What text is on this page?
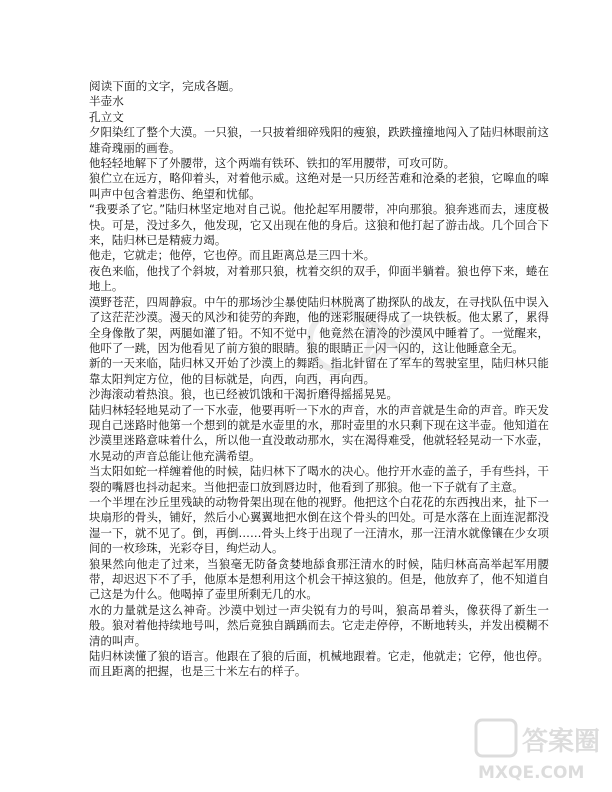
阅读下面的文字，完成各题。

半壶水

孔立文

夕阳染红了整个大漠。一只狼，一只披着细碎残阳的瘦狼，跌跌撞撞地闯入了陆归林眼前这雄奇瑰丽的画卷。

他轻轻地解下了外腰带，这个两端有铁环、铁扣的军用腰带，可攻可防。

狼伫立在远方，略仰着头，对着他示威。这绝对是一只历经苦难和沧桑的老狼，它嗥血的嗥叫声中包含着悲伤、绝望和忧郁。

“我要杀了它。”陆归林坚定地对自己说。他抡起军用腰带，冲向那狼。狼奔逃而去，速度极快。可是，没过多久，他发现，它又出现在他的身后。这狼和他打起了游击战。几个回合下来，陆归林已是精疲力竭。

他走，它就走；他停，它也停。而且距离总是三四十米。

夜色来临，他找了个斜坡，对着那只狼，枕着交织的双手，仰面半躺着。狼也停下来，蜷在地上。

漠野苍茫，四周静寂。中午的那场沙尘暴使陆归林脱离了勘探队的战友，在寻找队伍中误入了这茫茫沙漠。漫天的风沙和徒劳的奔跑，他的迷彩服硬得成了一块铁板。他太累了，累得全身像散了架，两腿如灌了铅。不知不觉中，他竟然在清冷的沙漠风中睡着了。一觉醒来，他吓了一跳，因为他看见了前方狼的眼睛。狼的眼睛正一闪一闪的，这让他睡意全无。

新的一天来临，陆归林又开始了沙漠上的舞蹈。指北针留在了军车的驾驶室里，陆归林只能靠太阳判定方位，他的目标就是，向西，向西，再向西。

沙海滚动着热浪。狼，也已经被饥饿和干渴折磨得摇摇晃晃。

陆归林轻轻地晃动了一下水壶，他要再听一下水的声音，水的声音就是生命的声音。昨天发现自己迷路时他第一个想到的就是水壶里的水，那时壶里的水只剩下现在这半壶。他知道在沙漠里迷路意味着什么，所以他一直没敢动那水，实在渴得难受，他就轻轻晃动一下水壶，水晃动的声音总能让他充满希望。

当太阳如蛇一样缠着他的时候，陆归林下了喝水的决心。他拧开水壶的盖子，手有些抖，干裂的嘴唇也抖动起来。当他把壶口放到唇边时，他看到了那狼。他一下子就有了主意。

一个半埋在沙丘里残缺的动物骨架出现在他的视野。他把这个白花花的东西拽出来，扯下一块扇形的骨头，铺好，然后小心翼翼地把水倒在这个骨头的凹处。可是水落在上面连泥都没湿一下，就不见了。倒，再倒……骨头上终于出现了一汪清水，那一汪清水就像镶在少女项间的一枚珍珠，光彩夺目，绚烂动人。

狼果然向他走了过来，当狼毫无防备贪婪地舔食那汪清水的时候，陆归林高高举起军用腰带，却迟迟下不了手，他原本是想利用这个机会干掉这狼的。但是，他放弃了，他不知道自己这是为什么。他喝掉了壶里所剩无几的水。

水的力量就是这么神奇。沙漠中划过一声尖锐有力的号叫，狼高昂着头，像获得了新生一般。狼对着他持续地号叫，然后竟独自踽踽而去。它走走停停，不断地转头，并发出模糊不清的叫声。

陆归林读懂了狼的语言。他跟在了狼的后面，机械地跟着。它走，他就走；它停，他也停。而且距离的把握，也是三十米左右的样子。

答案圈
MXQE.COM
